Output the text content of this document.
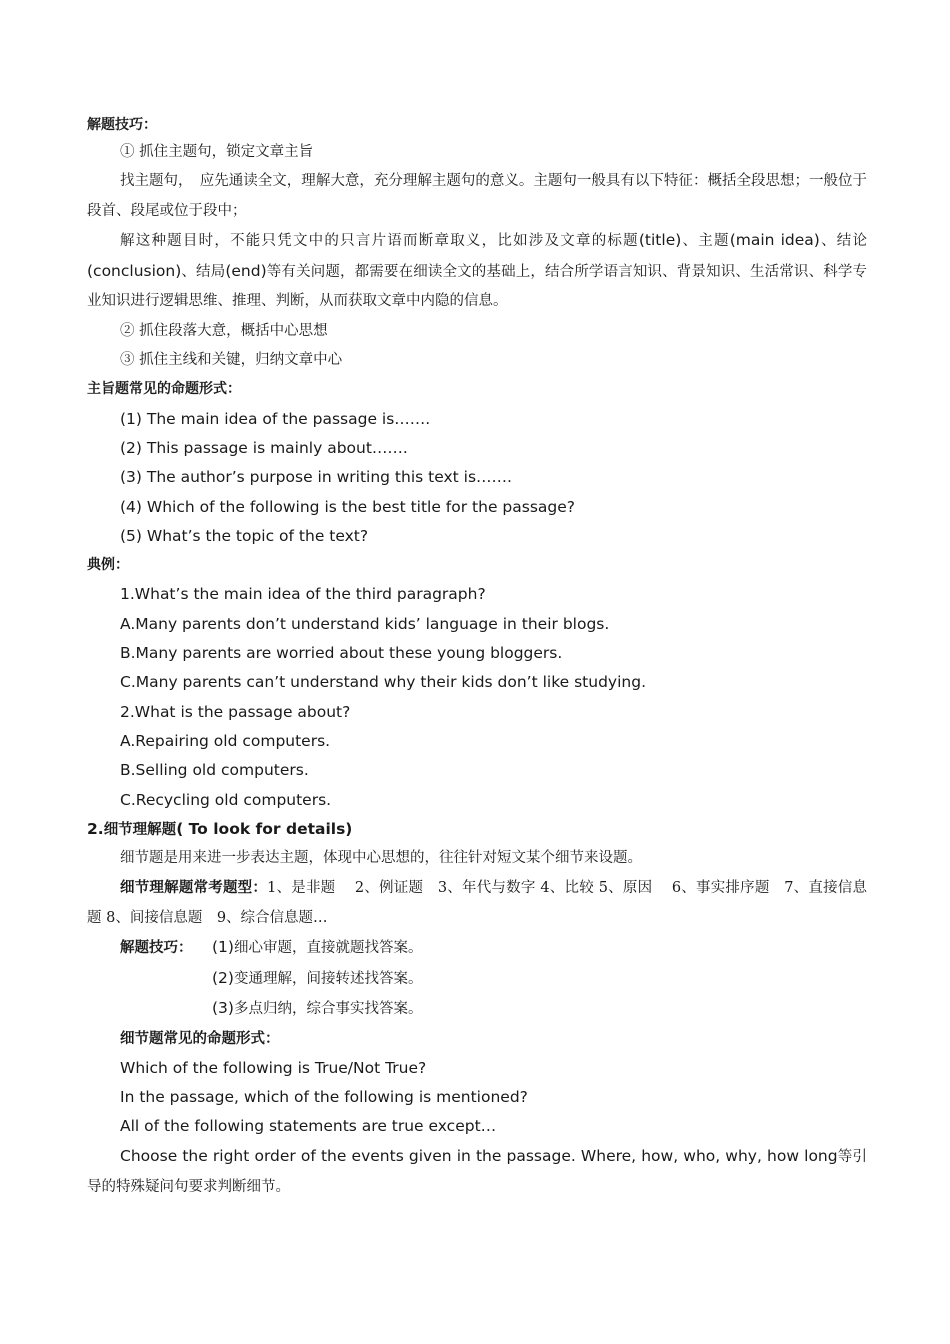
解题技巧：
① 抓住主题句，锁定文章主旨
找主题句，　应先通读全文，理解大意，充分理解主题句的意义。主题句一般具有以下特征：概括全段思想；一般位于段首、段尾或位于段中；
解这种题目时，不能只凭文中的只言片语而断章取义，比如涉及文章的标题(title)、主题(main idea)、结论(conclusion)、结局(end)等有关问题，都需要在细读全文的基础上，结合所学语言知识、背景知识、生活常识、科学专业知识进行逻辑思维、推理、判断，从而获取文章中内隐的信息。
② 抓住段落大意，概括中心思想
③ 抓住主线和关键，归纳文章中心
主旨题常见的命题形式：
(1) The main idea of the passage is…….
(2) This passage is mainly about…….
(3) The author’s purpose in writing this text is…….
(4) Which of the following is the best title for the passage?
(5) What’s the topic of the text?
典例：
1.What’s the main idea of the third paragraph?
A.Many parents don’t understand kids’ language in their blogs.
B.Many parents are worried about these young bloggers.
C.Many parents can’t understand why their kids don’t like studying.
2.What is the passage about?
A.Repairing old computers.
B.Selling old computers.
C.Recycling old computers.
2.细节理解题( To look for details)
细节题是用来进一步表达主题，体现中心思想的，往往针对短文某个细节来设题。
细节理解题常考题型：1、是非题　 2、例证题　3、年代与数字 4、比较 5、原因　 6、事实排序题　7、直接信息题 8、间接信息题　9、综合信息题…
解题技巧： (1)细心审题，直接就题找答案。
(2)变通理解，间接转述找答案。
(3)多点归纳，综合事实找答案。
细节题常见的命题形式：
Which of the following is True/Not True?
In the passage, which of the following is mentioned?
All of the following statements are true except…
Choose the right order of the events given in the passage. Where, how, who, why, how long等引导的特殊疑问句要求判断细节。
